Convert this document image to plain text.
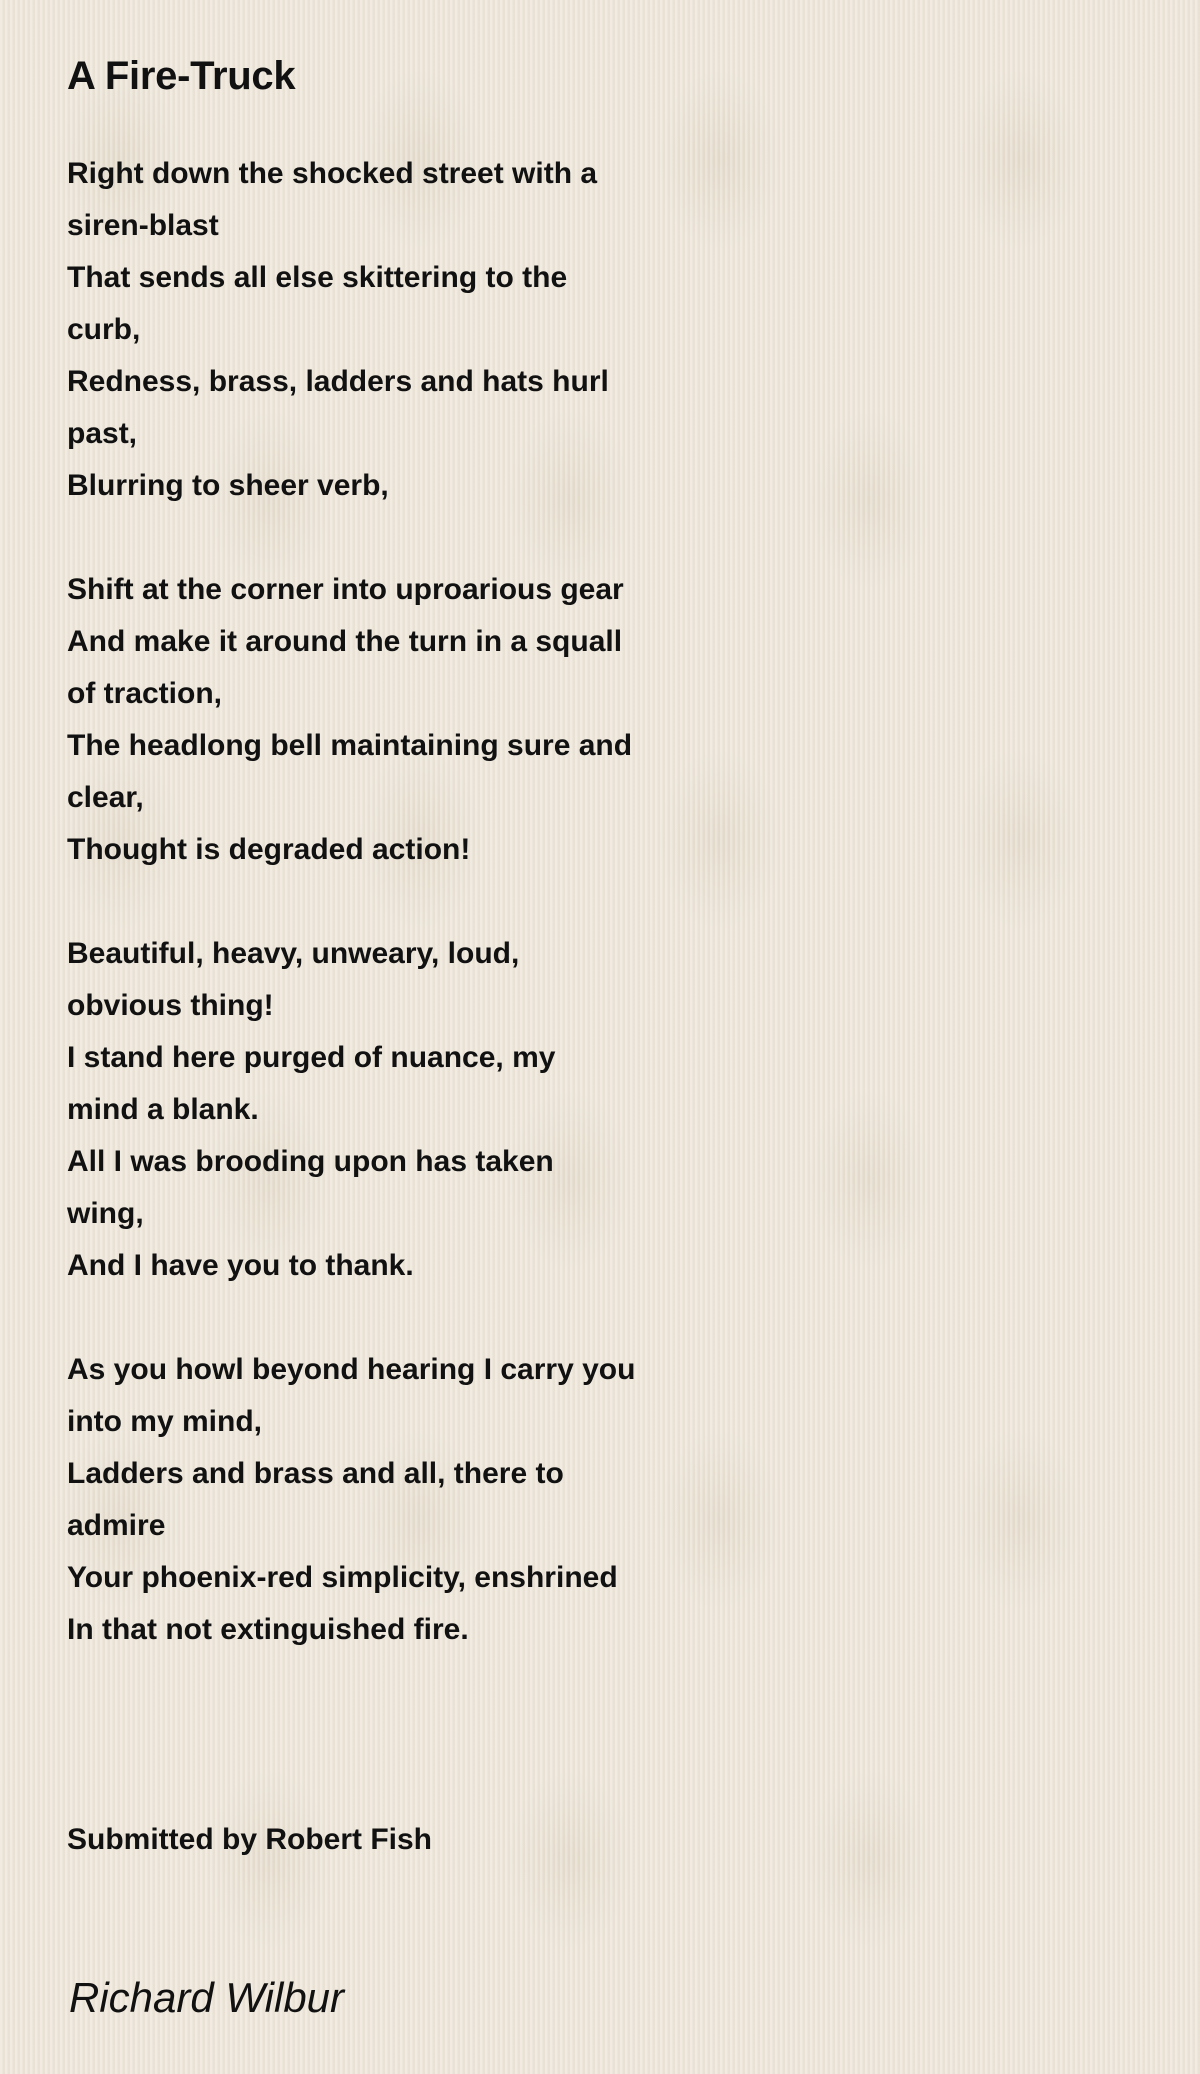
A Fire-Truck
Right down the shocked street with a
siren-blast
That sends all else skittering to the
curb,
Redness, brass, ladders and hats hurl
past,
Blurring to sheer verb,
Shift at the corner into uproarious gear
And make it around the turn in a squall
of traction,
The headlong bell maintaining sure and
clear,
Thought is degraded action!
Beautiful, heavy, unweary, loud,
obvious thing!
I stand here purged of nuance, my
mind a blank.
All I was brooding upon has taken
wing,
And I have you to thank.
As you howl beyond hearing I carry you
into my mind,
Ladders and brass and all, there to
admire
Your phoenix-red simplicity, enshrined
In that not extinguished fire.

Submitted by Robert Fish

Richard Wilbur
